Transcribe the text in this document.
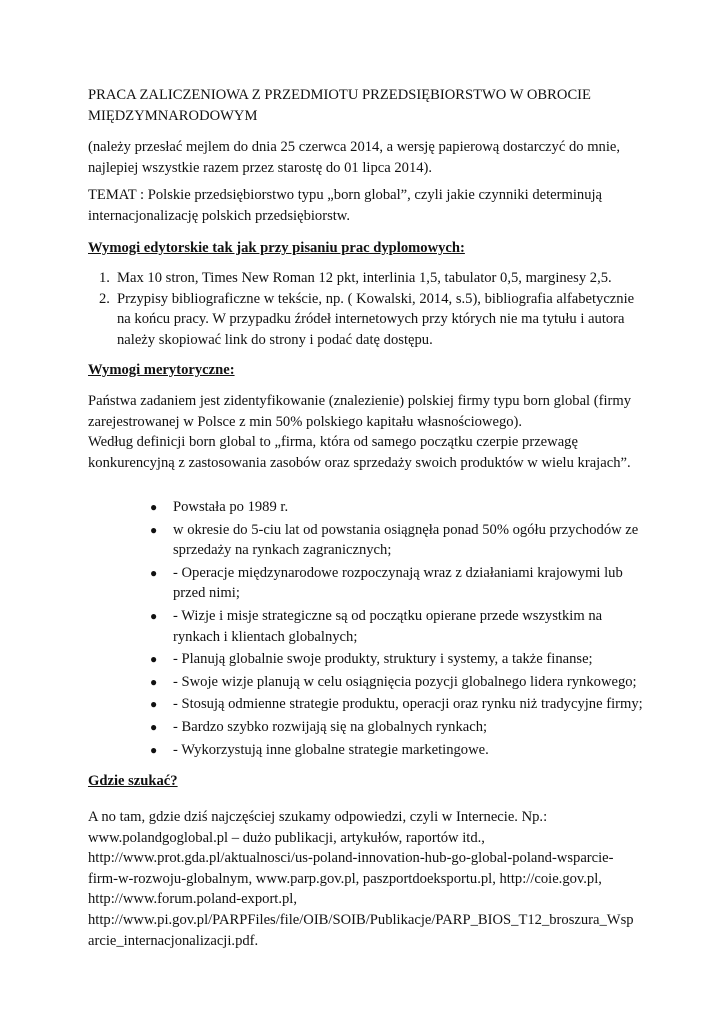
PRACA ZALICZENIOWA Z PRZEDMIOTU PRZEDSIĘBIORSTWO W OBROCIE MIĘDZYMNARODOWYM

(należy przesłać mejlem do dnia 25 czerwca 2014, a wersję papierową dostarczyć do mnie, najlepiej wszystkie razem przez starostę do 01 lipca 2014).

TEMAT : Polskie przedsiębiorstwo typu „born global”, czyli jakie czynniki determinują internacjonalizację polskich przedsiębiorstw.

Wymogi edytorskie tak jak przy pisaniu prac dyplomowych:

1. Max 10 stron, Times New Roman 12 pkt, interlinia 1,5, tabulator 0,5, marginesy 2,5.
2. Przypisy bibliograficzne w tekście, np. ( Kowalski, 2014, s.5), bibliografia alfabetycznie na końcu pracy. W przypadku źródeł internetowych przy których nie ma tytułu i autora należy skopiować link do strony i podać datę dostępu.

Wymogi merytoryczne:

Państwa zadaniem jest zidentyfikowanie (znalezienie) polskiej firmy typu born global (firmy zarejestrowanej w Polsce z min 50% polskiego kapitału własnościowego).

Według definicji born global to „firma, która od samego początku czerpie przewagę konkurencyjną z zastosowania zasobów oraz sprzedaży swoich produktów w wielu krajach”.

● Powstała po 1989 r.
● w okresie do 5-ciu lat od powstania osiągnęła ponad 50% ogółu przychodów ze sprzedaży na rynkach zagranicznych;
● - Operacje międzynarodowe rozpoczynają wraz z działaniami krajowymi lub przed nimi;
● - Wizje i misje strategiczne są od początku opierane przede wszystkim na rynkach i klientach globalnych;
● - Planują globalnie swoje produkty, struktury i systemy, a także finanse;
● - Swoje wizje planują w celu osiągnięcia pozycji globalnego lidera rynkowego;
● - Stosują odmienne strategie produktu, operacji oraz rynku niż tradycyjne firmy;
● - Bardzo szybko rozwijają się na globalnych rynkach;
● - Wykorzystują inne globalne strategie marketingowe.

Gdzie szukać?

A no tam, gdzie dziś najczęściej szukamy odpowiedzi, czyli w Internecie. Np.:

www.polandgoglobal.pl – dużo publikacji, artykułów, raportów itd.,

http://www.prot.gda.pl/aktualnosci/us-poland-innovation-hub-go-global-poland-wsparcie-

firm-w-rozwoju-globalnym, www.parp.gov.pl, paszportdoeksportu.pl, http://coie.gov.pl,

http://www.forum.poland-export.pl,

http://www.pi.gov.pl/PARPFiles/file/OIB/SOIB/Publikacje/PARP_BIOS_T12_broszura_Wsp

arcie_internacjonalizacji.pdf.
